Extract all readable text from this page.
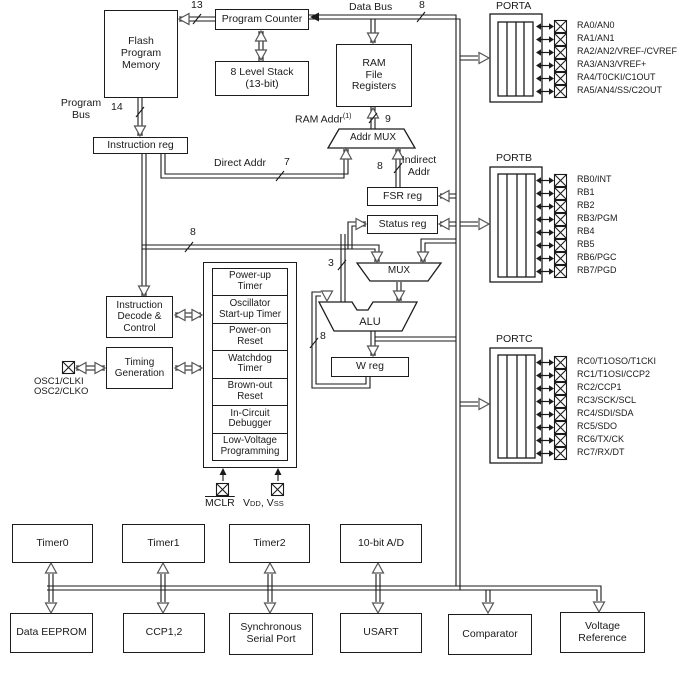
Flash
Program
Memory
Program Counter
8 Level Stack
(13-bit)
RAM
File
Registers
Instruction reg
FSR reg
Status reg
W reg
Instruction
Decode &
Control
Timing
Generation
Addr MUX
MUX
ALU
Power-up
Timer
Oscillator
Start-up Timer
Power-on
Reset
Watchdog
Timer
Brown-out
Reset
In-Circuit
Debugger
Low-Voltage
Programming
Timer0	Timer1	Timer2	10-bit A/D
Data EEPROM	CCP1,2	Synchronous
Serial Port
USART	Comparator
Voltage
Reference
Data Bus	8
13
Program
Bus
14
RAM Addr$^{(1)}$	9
Direct Addr 7	8	Indirect
Addr
8
3
8
OSC1/CLKI
OSC2/CLKO
MCLR VDD, VSS
PORTA
PORTB
PORTC
RA0/AN0
RA1/AN1
RA2/AN2/VREF-/CVREF
RA3/AN3/VREF+
RA4/T0CKI/C1OUT
RA5/AN4/SS/C2OUT
RB0/INT
RB1
RB2
RB3/PGM
RB4
RB5
RB6/PGC
RB7/PGD
RC0/T1OSO/T1CKI
RC1/T1OSI/CCP2
RC2/CCP1
RC3/SCK/SCL
RC4/SDI/SDA
RC5/SDO
RC6/TX/CK
RC7/RX/DT
